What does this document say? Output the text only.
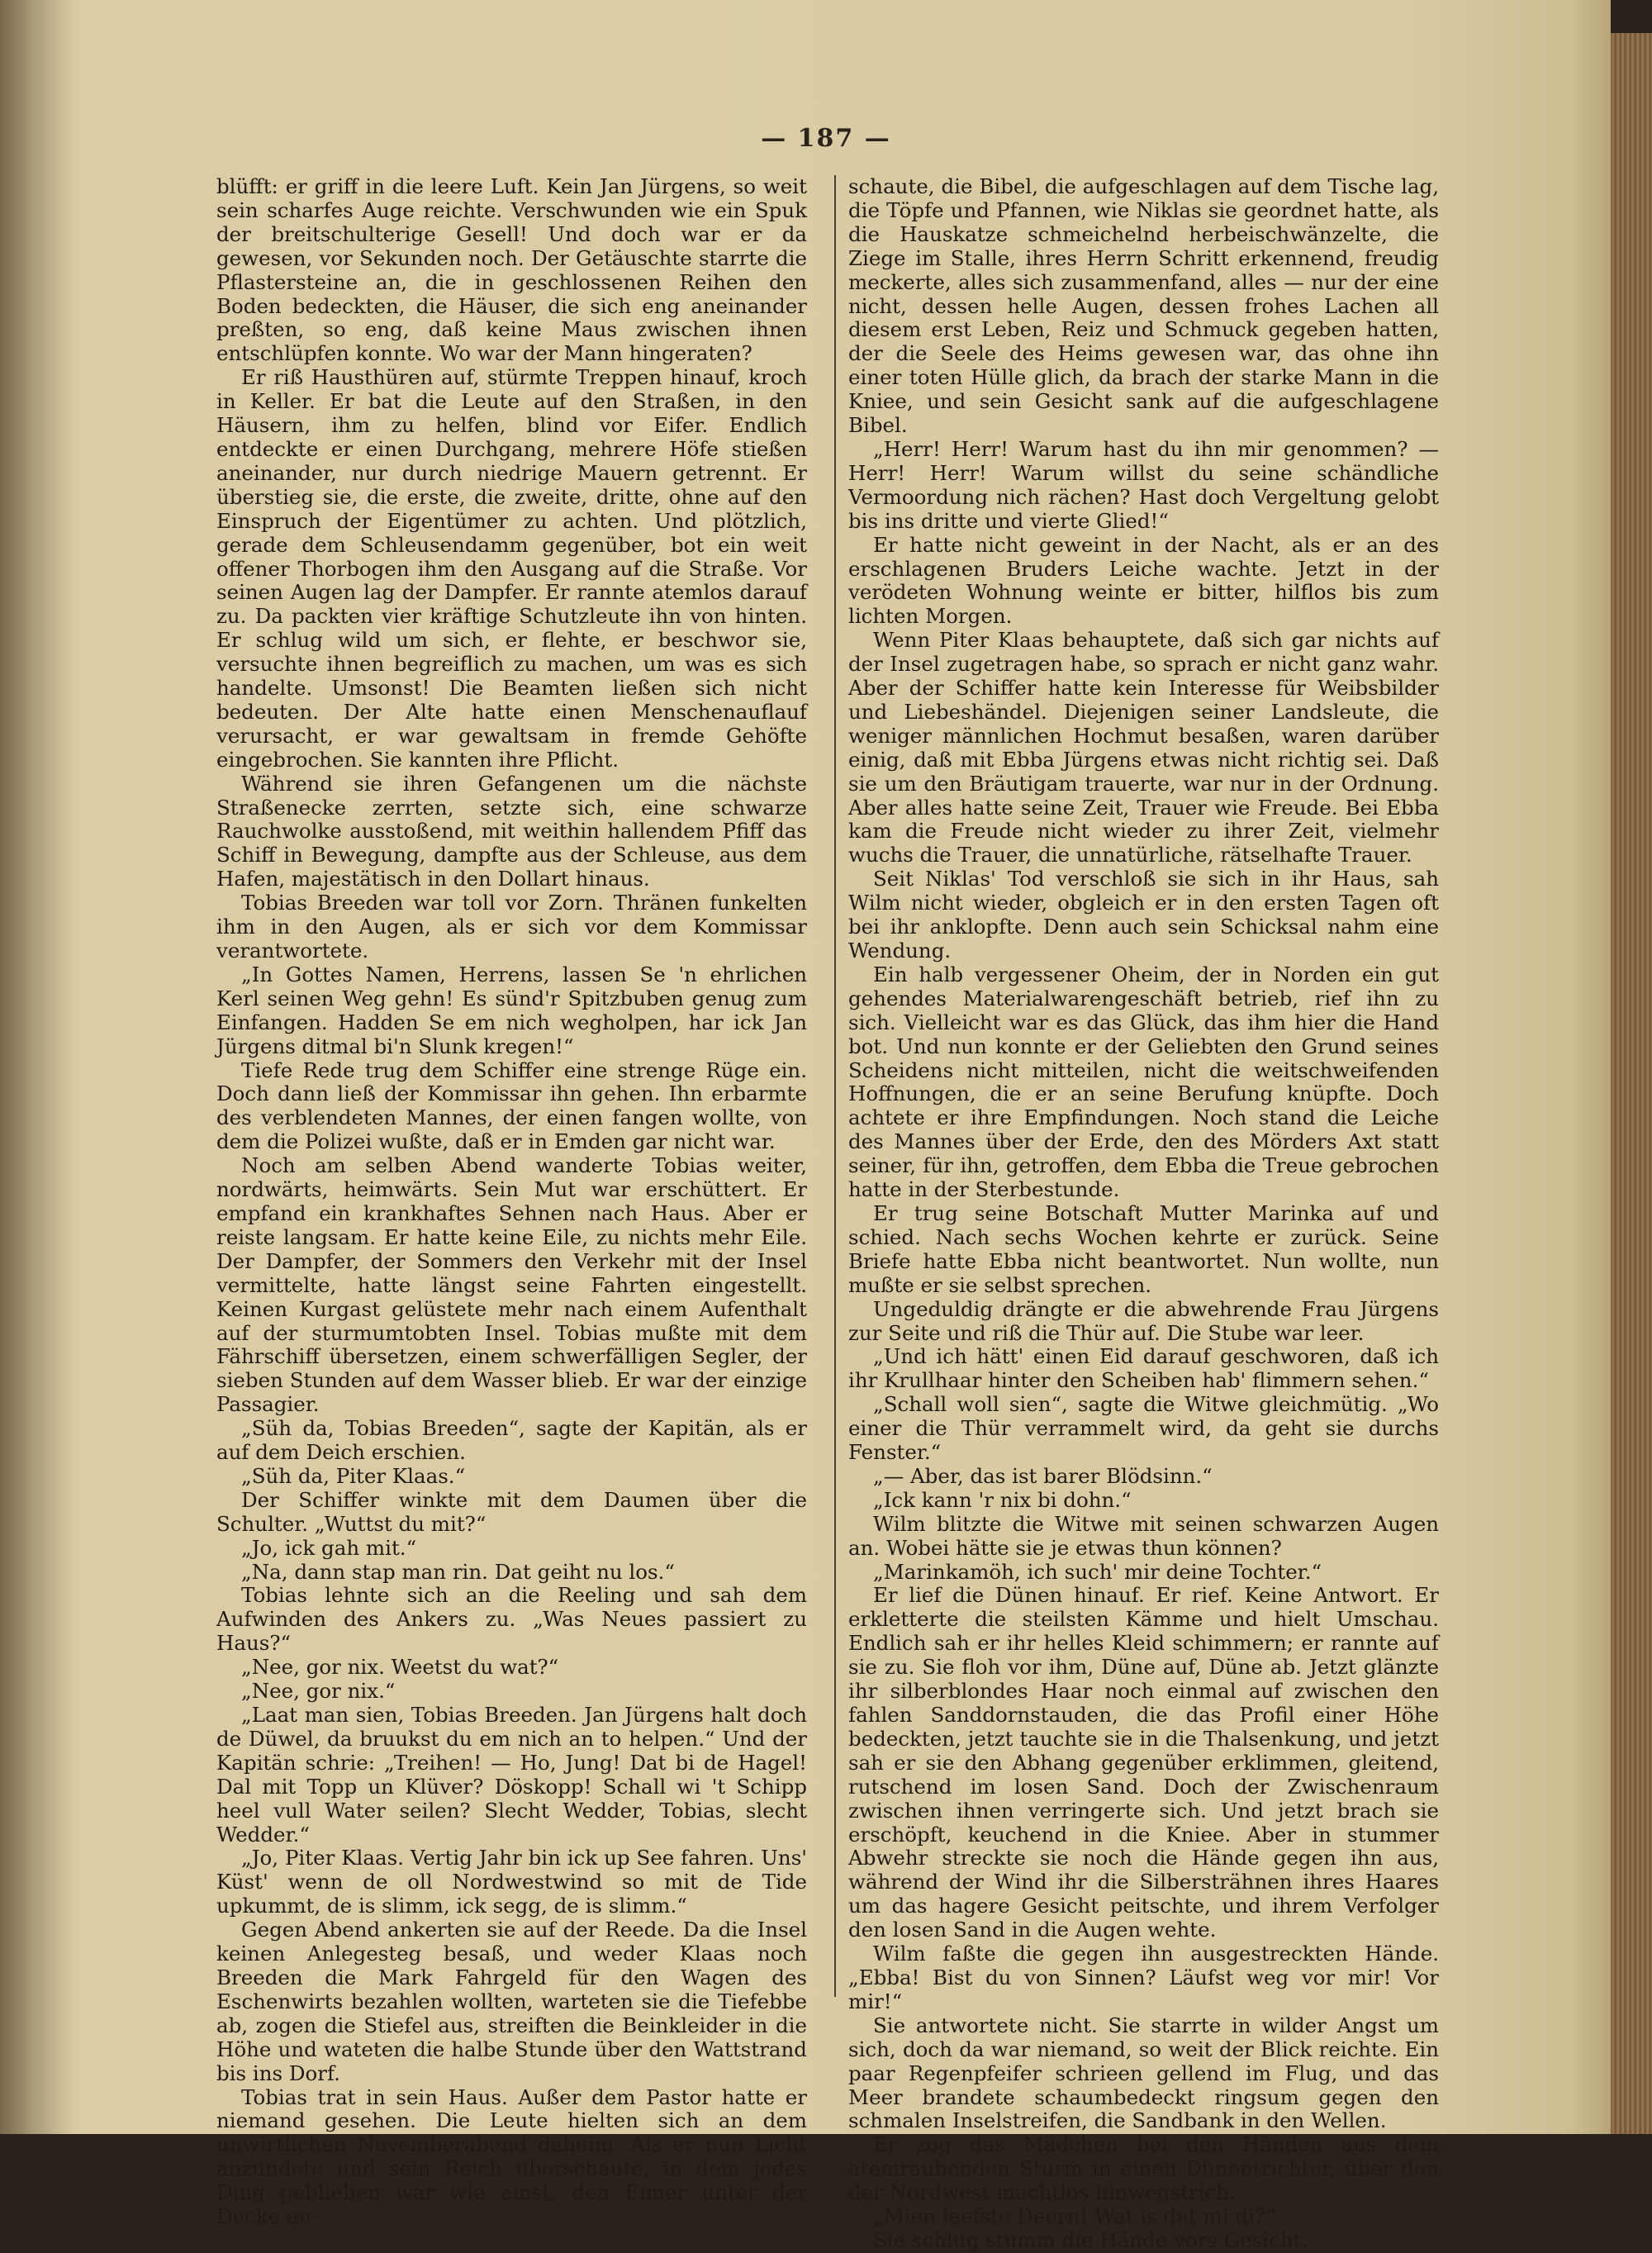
— 187 —

blüfft: er griff in die leere Luft. Kein Jan Jürgens, so weit sein scharfes Auge reichte. Verschwunden wie ein Spuk der breitschulterige Gesell! Und doch war er da gewesen, vor Sekunden noch. Der Getäuschte starrte die Pflastersteine an, die in geschlossenen Reihen den Boden bedeckten, die Häuser, die sich eng aneinander preßten, so eng, daß keine Maus zwischen ihnen entschlüpfen konnte. Wo war der Mann hingeraten?

Er riß Hausthüren auf, stürmte Treppen hinauf, kroch in Keller. Er bat die Leute auf den Straßen, in den Häusern, ihm zu helfen, blind vor Eifer. Endlich entdeckte er einen Durchgang, mehrere Höfe stießen aneinander, nur durch niedrige Mauern getrennt. Er überstieg sie, die erste, die zweite, dritte, ohne auf den Einspruch der Eigentümer zu achten. Und plötzlich, gerade dem Schleusendamm gegenüber, bot ein weit offener Thorbogen ihm den Ausgang auf die Straße. Vor seinen Augen lag der Dampfer. Er rannte atemlos darauf zu. Da packten vier kräftige Schutzleute ihn von hinten. Er schlug wild um sich, er flehte, er beschwor sie, versuchte ihnen begreiflich zu machen, um was es sich handelte. Umsonst! Die Beamten ließen sich nicht bedeuten. Der Alte hatte einen Menschenauflauf verursacht, er war gewaltsam in fremde Gehöfte eingebrochen. Sie kannten ihre Pflicht.

Während sie ihren Gefangenen um die nächste Straßenecke zerrten, setzte sich, eine schwarze Rauchwolke ausstoßend, mit weithin hallendem Pfiff das Schiff in Bewegung, dampfte aus der Schleuse, aus dem Hafen, majestätisch in den Dollart hinaus.

Tobias Breeden war toll vor Zorn. Thränen funkelten ihm in den Augen, als er sich vor dem Kommissar verantwortete.

„In Gottes Namen, Herrens, lassen Se 'n ehrlichen Kerl seinen Weg gehn! Es sünd'r Spitzbuben genug zum Einfangen. Hadden Se em nich wegholpen, har ick Jan Jürgens ditmal bi'n Slunk kregen!“

Tiefe Rede trug dem Schiffer eine strenge Rüge ein. Doch dann ließ der Kommissar ihn gehen. Ihn erbarmte des verblendeten Mannes, der einen fangen wollte, von dem die Polizei wußte, daß er in Emden gar nicht war.

Noch am selben Abend wanderte Tobias weiter, nordwärts, heimwärts. Sein Mut war erschüttert. Er empfand ein krankhaftes Sehnen nach Haus. Aber er reiste langsam. Er hatte keine Eile, zu nichts mehr Eile. Der Dampfer, der Sommers den Verkehr mit der Insel vermittelte, hatte längst seine Fahrten eingestellt. Keinen Kurgast gelüstete mehr nach einem Aufenthalt auf der sturmumtobten Insel. Tobias mußte mit dem Fährschiff übersetzen, einem schwerfälligen Segler, der sieben Stunden auf dem Wasser blieb. Er war der einzige Passagier.

„Süh da, Tobias Breeden“, sagte der Kapitän, als er auf dem Deich erschien.

„Süh da, Piter Klaas.“

Der Schiffer winkte mit dem Daumen über die Schulter. „Wuttst du mit?“

„Jo, ick gah mit.“

„Na, dann stap man rin. Dat geiht nu los.“

Tobias lehnte sich an die Reeling und sah dem Aufwinden des Ankers zu. „Was Neues passiert zu Haus?“

„Nee, gor nix. Weetst du wat?“

„Nee, gor nix.“

„Laat man sien, Tobias Breeden. Jan Jürgens halt doch de Düwel, da bruukst du em nich an to helpen.“ Und der Kapitän schrie: „Treihen! — Ho, Jung! Dat bi de Hagel! Dal mit Topp un Klüver? Döskopp! Schall wi 't Schipp heel vull Water seilen? Slecht Wedder, Tobias, slecht Wedder.“

„Jo, Piter Klaas. Vertig Jahr bin ick up See fahren. Uns' Küst' wenn de oll Nordwestwind so mit de Tide upkummt, de is slimm, ick segg, de is slimm.“

Gegen Abend ankerten sie auf der Reede. Da die Insel keinen Anlegesteg besaß, und weder Klaas noch Breeden die Mark Fahrgeld für den Wagen des Eschenwirts bezahlen wollten, warteten sie die Tiefebbe ab, zogen die Stiefel aus, streiften die Beinkleider in die Höhe und wateten die halbe Stunde über den Wattstrand bis ins Dorf.

Tobias trat in sein Haus. Außer dem Pastor hatte er niemand gesehen. Die Leute hielten sich an dem unwirtlichen Novemberabend daheim. Als er nun Licht anzündete und sein Reich überschaute, in dem jedes Ding geblieben war wie einst, den Eimer unter der Decke an-

schaute, die Bibel, die aufgeschlagen auf dem Tische lag, die Töpfe und Pfannen, wie Niklas sie geordnet hatte, als die Hauskatze schmeichelnd herbeischwänzelte, die Ziege im Stalle, ihres Herrn Schritt erkennend, freudig meckerte, alles sich zusammenfand, alles — nur der eine nicht, dessen helle Augen, dessen frohes Lachen all diesem erst Leben, Reiz und Schmuck gegeben hatten, der die Seele des Heims gewesen war, das ohne ihn einer toten Hülle glich, da brach der starke Mann in die Kniee, und sein Gesicht sank auf die aufgeschlagene Bibel.

„Herr! Herr! Warum hast du ihn mir genommen? — Herr! Herr! Warum willst du seine schändliche Vermoordung nich rächen? Hast doch Vergeltung gelobt bis ins dritte und vierte Glied!“

Er hatte nicht geweint in der Nacht, als er an des erschlagenen Bruders Leiche wachte. Jetzt in der verödeten Wohnung weinte er bitter, hilflos bis zum lichten Morgen.

Wenn Piter Klaas behauptete, daß sich gar nichts auf der Insel zugetragen habe, so sprach er nicht ganz wahr. Aber der Schiffer hatte kein Interesse für Weibsbilder und Liebeshändel. Diejenigen seiner Landsleute, die weniger männlichen Hochmut besaßen, waren darüber einig, daß mit Ebba Jürgens etwas nicht richtig sei. Daß sie um den Bräutigam trauerte, war nur in der Ordnung. Aber alles hatte seine Zeit, Trauer wie Freude. Bei Ebba kam die Freude nicht wieder zu ihrer Zeit, vielmehr wuchs die Trauer, die unnatürliche, rätselhafte Trauer.

Seit Niklas' Tod verschloß sie sich in ihr Haus, sah Wilm nicht wieder, obgleich er in den ersten Tagen oft bei ihr anklopfte. Denn auch sein Schicksal nahm eine Wendung.

Ein halb vergessener Oheim, der in Norden ein gut gehendes Materialwarengeschäft betrieb, rief ihn zu sich. Vielleicht war es das Glück, das ihm hier die Hand bot. Und nun konnte er der Geliebten den Grund seines Scheidens nicht mitteilen, nicht die weitschweifenden Hoffnungen, die er an seine Berufung knüpfte. Doch achtete er ihre Empfindungen. Noch stand die Leiche des Mannes über der Erde, den des Mörders Axt statt seiner, für ihn, getroffen, dem Ebba die Treue gebrochen hatte in der Sterbestunde.

Er trug seine Botschaft Mutter Marinka auf und schied. Nach sechs Wochen kehrte er zurück. Seine Briefe hatte Ebba nicht beantwortet. Nun wollte, nun mußte er sie selbst sprechen.

Ungeduldig drängte er die abwehrende Frau Jürgens zur Seite und riß die Thür auf. Die Stube war leer.

„Und ich hätt' einen Eid darauf geschworen, daß ich ihr Krullhaar hinter den Scheiben hab' flimmern sehen.“

„Schall woll sien“, sagte die Witwe gleichmütig. „Wo einer die Thür verrammelt wird, da geht sie durchs Fenster.“

„— Aber, das ist barer Blödsinn.“

„Ick kann 'r nix bi dohn.“

Wilm blitzte die Witwe mit seinen schwarzen Augen an. Wobei hätte sie je etwas thun können?

„Marinkamöh, ich such' mir deine Tochter.“

Er lief die Dünen hinauf. Er rief. Keine Antwort. Er erkletterte die steilsten Kämme und hielt Umschau. Endlich sah er ihr helles Kleid schimmern; er rannte auf sie zu. Sie floh vor ihm, Düne auf, Düne ab. Jetzt glänzte ihr silberblondes Haar noch einmal auf zwischen den fahlen Sanddornstauden, die das Profil einer Höhe bedeckten, jetzt tauchte sie in die Thalsenkung, und jetzt sah er sie den Abhang gegenüber erklimmen, gleitend, rutschend im losen Sand. Doch der Zwischenraum zwischen ihnen verringerte sich. Und jetzt brach sie erschöpft, keuchend in die Kniee. Aber in stummer Abwehr streckte sie noch die Hände gegen ihn aus, während der Wind ihr die Silbersträhnen ihres Haares um das hagere Gesicht peitschte, und ihrem Verfolger den losen Sand in die Augen wehte.

Wilm faßte die gegen ihn ausgestreckten Hände. „Ebba! Bist du von Sinnen? Läufst weg vor mir! Vor mir!“

Sie antwortete nicht. Sie starrte in wilder Angst um sich, doch da war niemand, so weit der Blick reichte. Ein paar Regenpfeifer schrieen gellend im Flug, und das Meer brandete schaumbedeckt ringsum gegen den schmalen Inselstreifen, die Sandbank in den Wellen.

Er zog das Mädchen bei den Händen aus dem atemraubenden Sturm in einen Dünentrichter, über den der Nordwest machtlos hinwegstrich.

„Mien leefste Deern! Wat is dat mi di?“

Sie schlug stumm die Hände vors Gesicht.
